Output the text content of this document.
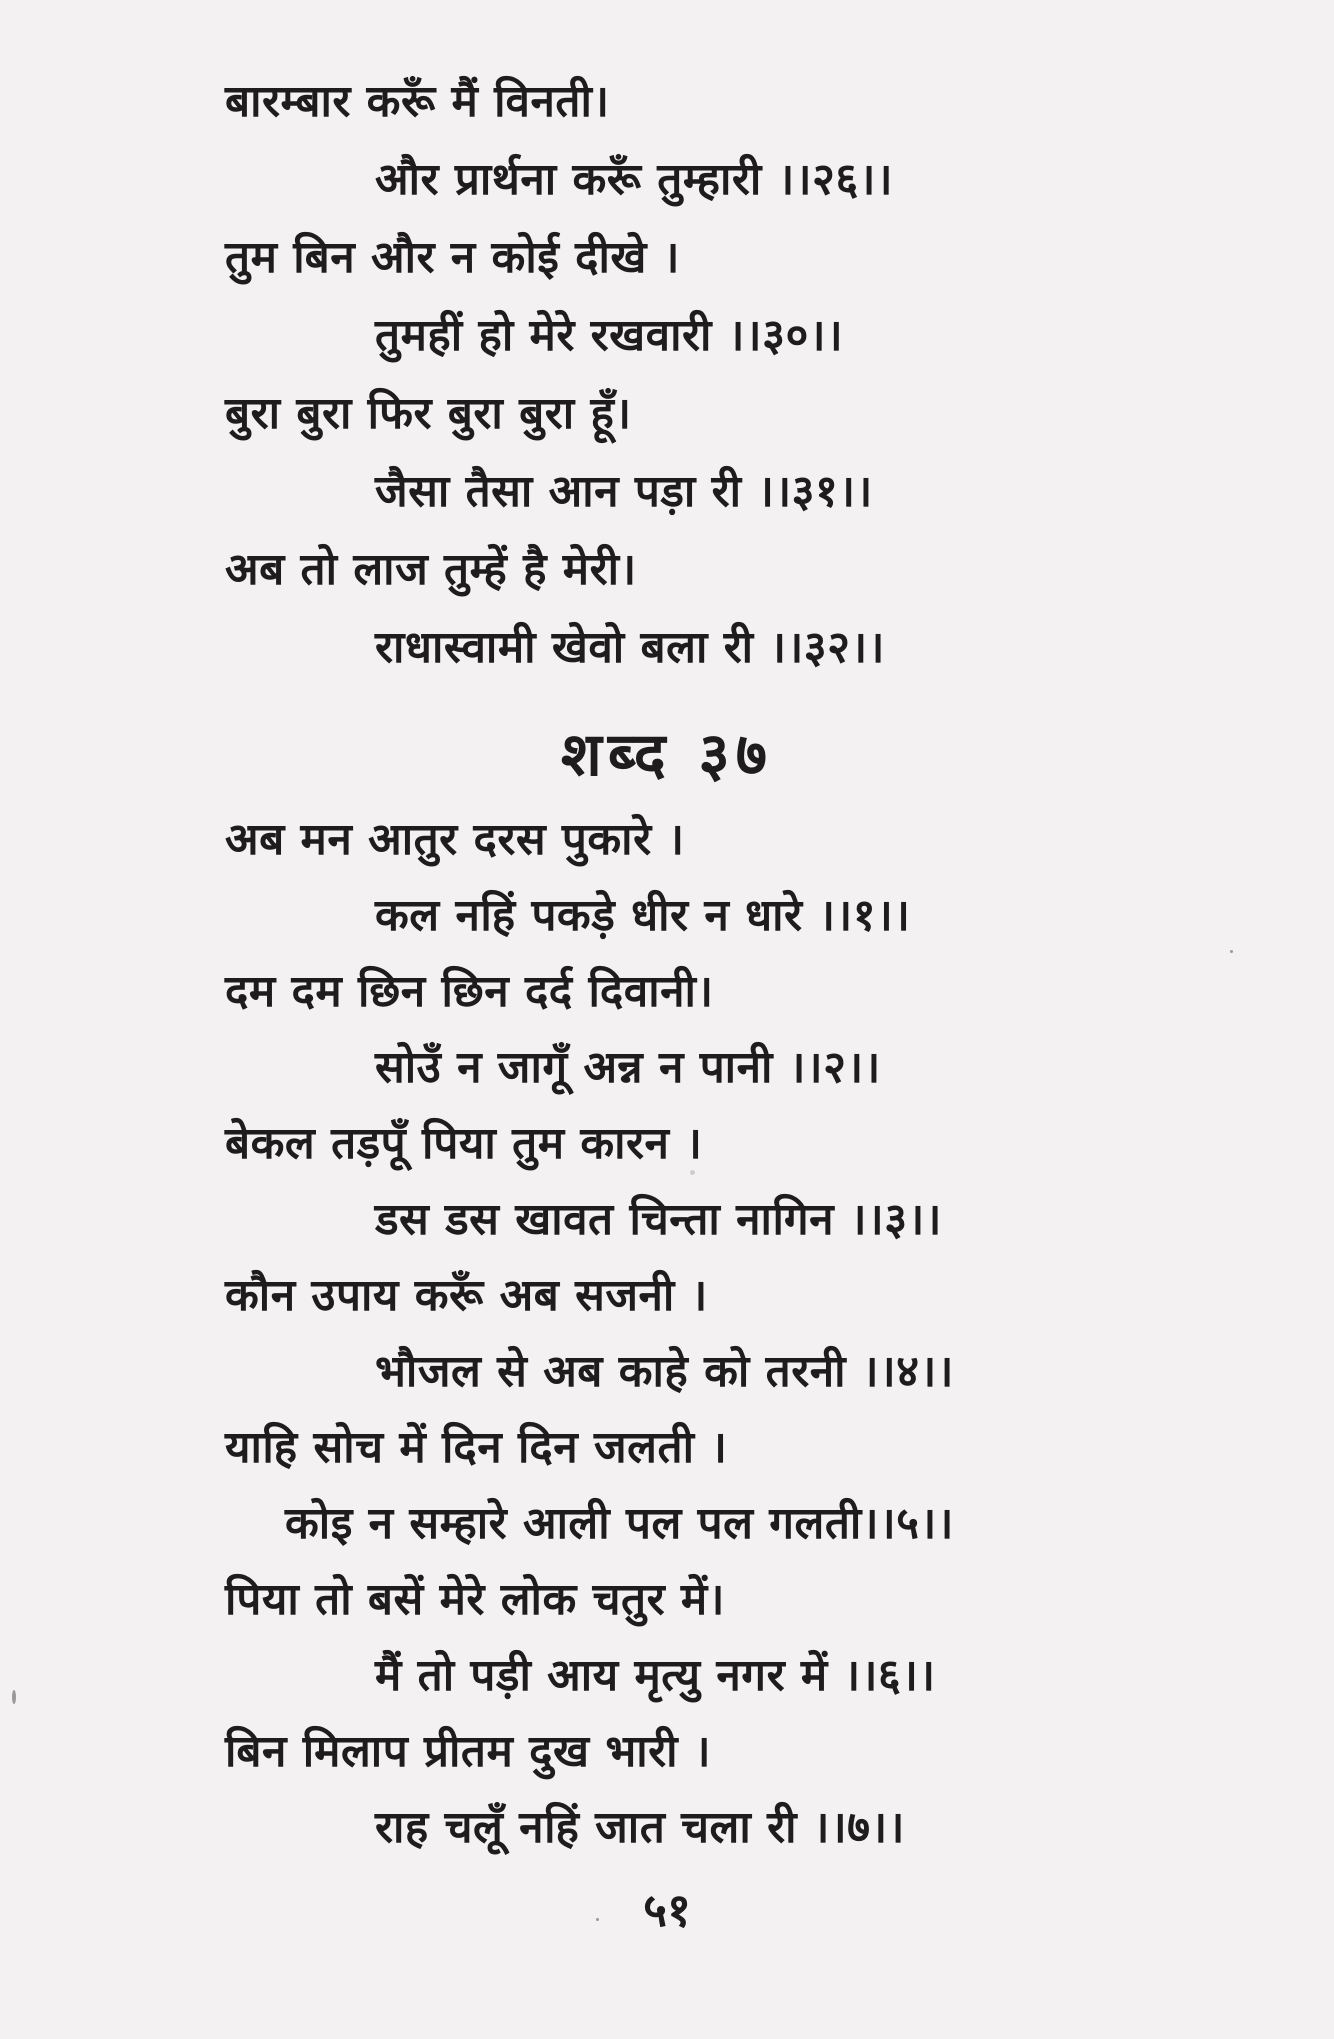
बारम्बार करूँ मैं विनती।
और प्रार्थना करूँ तुम्हारी ।।२६।।
तुम बिन और न कोई दीखे ।
तुमहीं हो मेरे रखवारी ।।३०।।
बुरा बुरा फिर बुरा बुरा हूँ।
जैसा तैसा आन पड़ा री ।।३१।।
अब तो लाज तुम्हें है मेरी।
राधास्वामी खेवो बला री ।।३२।।
शब्द ३७
अब मन आतुर दरस पुकारे ।
कल नहिं पकड़े धीर न धारे ।।१।।
दम दम छिन छिन दर्द दिवानी।
सोउँ न जागूँ अन्न न पानी ।।२।।
बेकल तड़पूँ पिया तुम कारन ।
डस डस खावत चिन्ता नागिन ।।३।।
कौन उपाय करूँ अब सजनी ।
भौजल से अब काहे को तरनी ।।४।।
याहि सोच में दिन दिन जलती ।
कोइ न सम्हारे आली पल पल गलती।।५।।
पिया तो बसें मेरे लोक चतुर में।
मैं तो पड़ी आय मृत्यु नगर में ।।६।।
बिन मिलाप प्रीतम दुख भारी ।
राह चलूँ नहिं जात चला री ।।७।।
५१
